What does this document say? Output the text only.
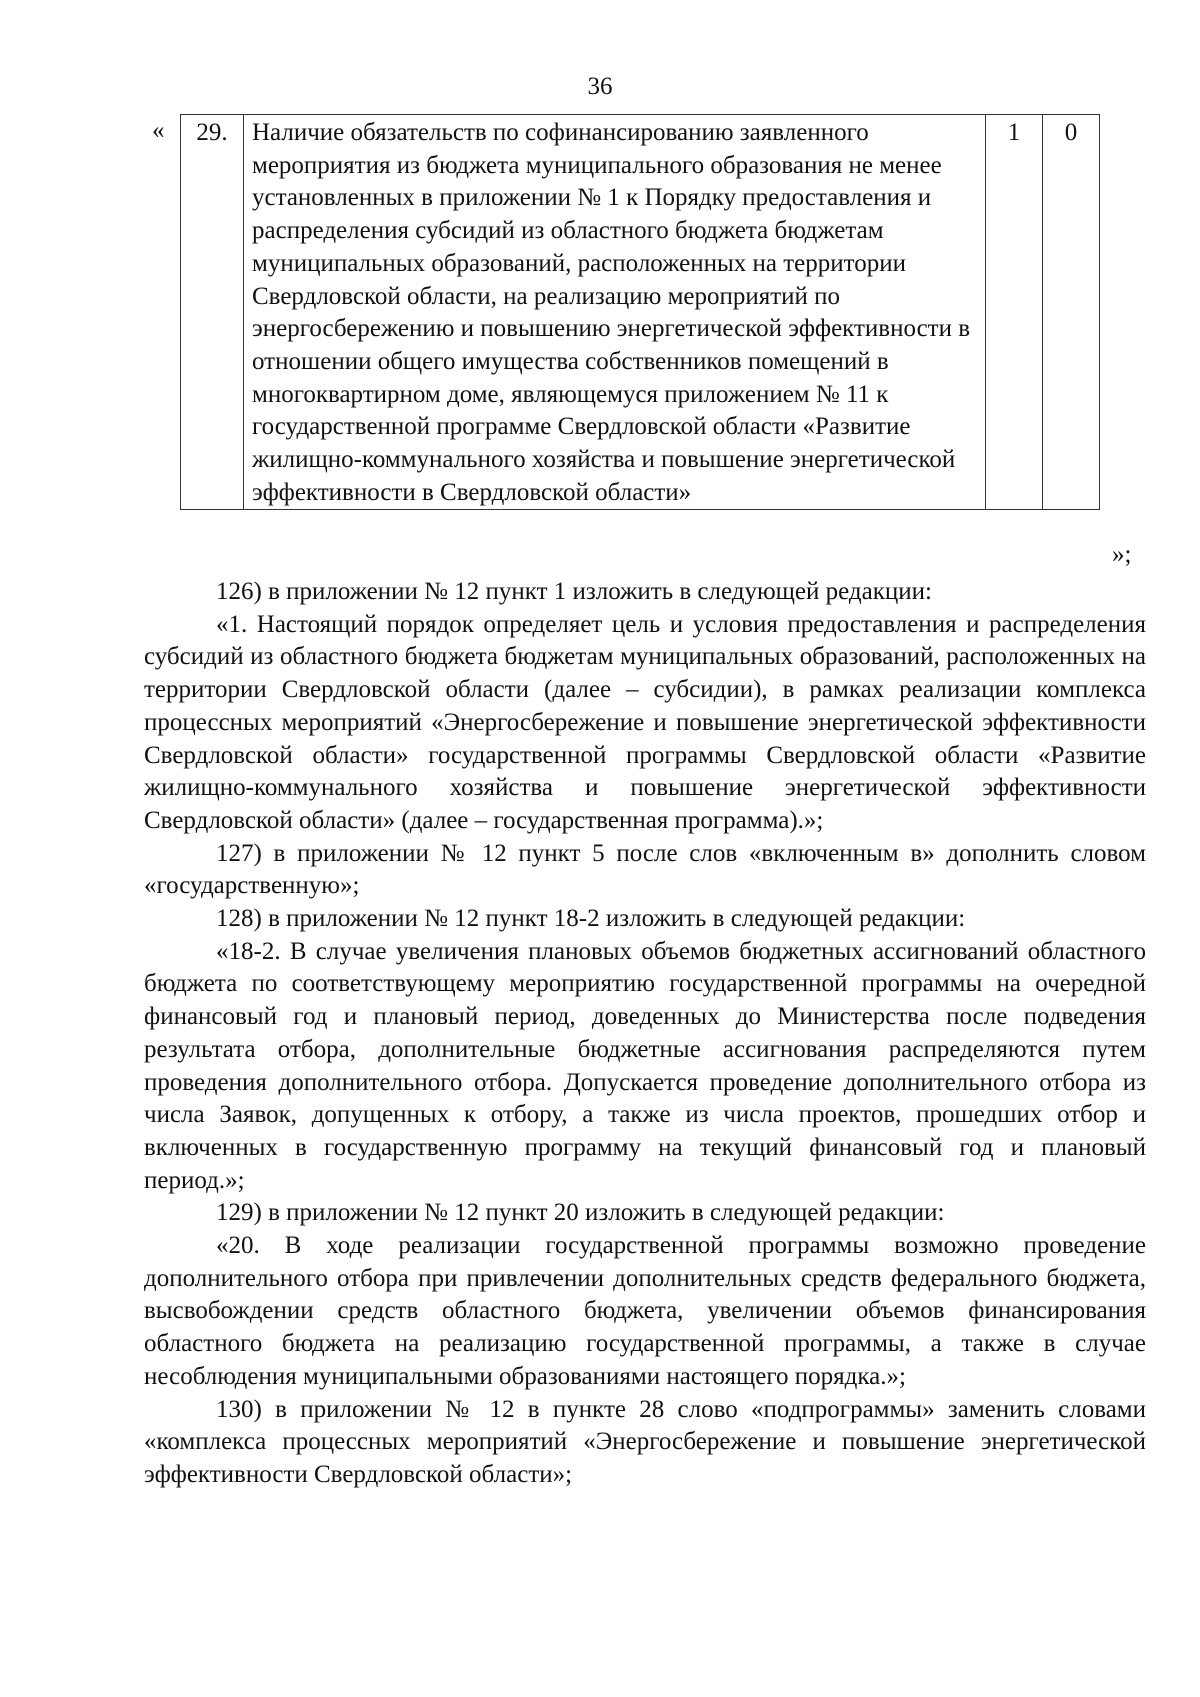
36
« 29.	Наличие обязательств по софинансированию заявленного мероприятия из бюджета муниципального образования не менее установленных в приложении № 1 к Порядку предоставления и распределения субсидий из областного бюджета бюджетам муниципальных образований, расположенных на территории Свердловской области, на реализацию мероприятий по энергосбережению и повышению энергетической эффективности в отношении общего имущества собственников помещений в многоквартирном доме, являющемуся приложением № 11 к государственной программе Свердловской области «Развитие жилищно-коммунального хозяйства и повышение энергетической эффективности в Свердловской области»	1	0
»;

126) в приложении № 12 пункт 1 изложить в следующей редакции:

«1. Настоящий порядок определяет цель и условия предоставления и распределения субсидий из областного бюджета бюджетам муниципальных образований, расположенных на территории Свердловской области (далее – субсидии), в рамках реализации комплекса процессных мероприятий «Энергосбережение и повышение энергетической эффективности Свердловской области» государственной программы Свердловской области «Развитие жилищно-коммунального хозяйства и повышение энергетической эффективности Свердловской области» (далее – государственная программа).»;

127) в приложении № 12 пункт 5 после слов «включенным в» дополнить словом «государственную»;

128) в приложении № 12 пункт 18-2 изложить в следующей редакции:

«18-2. В случае увеличения плановых объемов бюджетных ассигнований областного бюджета по соответствующему мероприятию государственной программы на очередной финансовый год и плановый период, доведенных до Министерства после подведения результата отбора, дополнительные бюджетные ассигнования распределяются путем проведения дополнительного отбора. Допускается проведение дополнительного отбора из числа Заявок, допущенных к отбору, а также из числа проектов, прошедших отбор и включенных в государственную программу на текущий финансовый год и плановый период.»;

129) в приложении № 12 пункт 20 изложить в следующей редакции:

«20. В ходе реализации государственной программы возможно проведение дополнительного отбора при привлечении дополнительных средств федерального бюджета, высвобождении средств областного бюджета, увеличении объемов финансирования областного бюджета на реализацию государственной программы, а также в случае несоблюдения муниципальными образованиями настоящего порядка.»;

130) в приложении № 12 в пункте 28 слово «подпрограммы» заменить словами «комплекса процессных мероприятий «Энергосбережение и повышение энергетической эффективности Свердловской области»;
